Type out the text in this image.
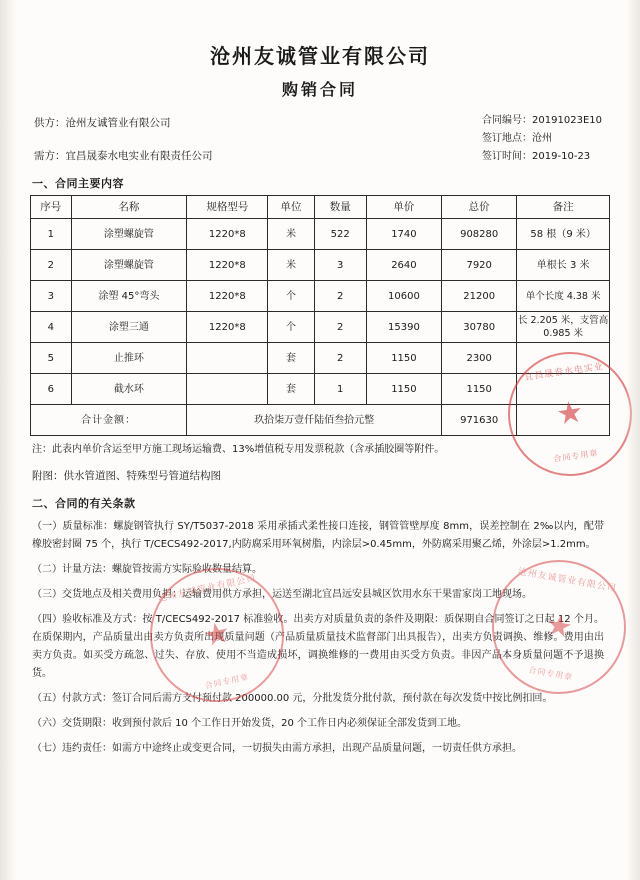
沧州友诚管业有限公司
购销合同
供方：沧州友诚管业有限公司
需方：宜昌晟泰水电实业有限责任公司
合同编号：20191023E10
签订地点：沧州
签订时间：2019-10-23
一、合同主要内容
序号	名称	规格型号	单位	数量	单价	总价	备注
1	涂塑螺旋管	1220*8	米	522	1740	908280	58 根（9 米）
2	涂塑螺旋管	1220*8	米	3	2640	7920	单根长 3 米
3	涂塑 45°弯头	1220*8	个	2	10600	21200	单个长度 4.38 米
4	涂塑三通	1220*8	个	2	15390	30780	长 2.205 米，支管高 0.985 米
5	止推环		套	2	1150	2300	
6	截水环		套	1	1150	1150	
合计金额：		玖拾柒万壹仟陆佰叁拾元整				971630	
注：此表内单价含运至甲方施工现场运输费、13%增值税专用发票税款（含承插胶圈等附件。
附图：供水管道图、特殊型号管道结构图
二、合同的有关条款
（一）质量标准：螺旋钢管执行 SY/T5037-2018 采用承插式柔性接口连接，钢管管壁厚度 8mm，误差控制在 2‰以内，配带橡胶密封圈 75 个，执行 T/CECS492-2017,内防腐采用环氧树脂，内涂层>0.45mm，外防腐采用聚乙烯，外涂层>1.2mm。
（二）计量方法：螺旋管按需方实际验收数量结算。
（三）交货地点及相关费用负担：运输费用供方承担，运送至湖北宜昌远安县城区饮用水东干果雷家岗工地现场。
（四）验收标准及方式：按 T/CECS492-2017 标准验收。出卖方对质量负责的条件及期限：质保期自合同签订之日起 12 个月。在质保期内，产品质量出由卖方负责所出现质量问题（产品质量质量技术监督部门出具报告），出卖方负责调换、维修。费用由出卖方负责。如买受方疏忽、过失、存放、使用不当造成损坏，调换维修的一费用由买受方负责。非因产品本身质量问题不予退换货。
（五）付款方式：签订合同后需方支付预付款 200000.00 元，分批发货分批付款，预付款在每次发货中按比例扣回。
（六）交货期限：收到预付款后 10 个工作日开始发货，20 个工作日内必须保证全部发货到工地。
（七）违约责任：如需方中途终止或变更合同，一切损失由需方承担，出现产品质量问题，一切责任供方承担。
宜昌晟泰水电实业
★
合同专用章
沧州友诚管业有限公司
★
合同专用章
沧州友诚管业有限公司
★
合同专用章
